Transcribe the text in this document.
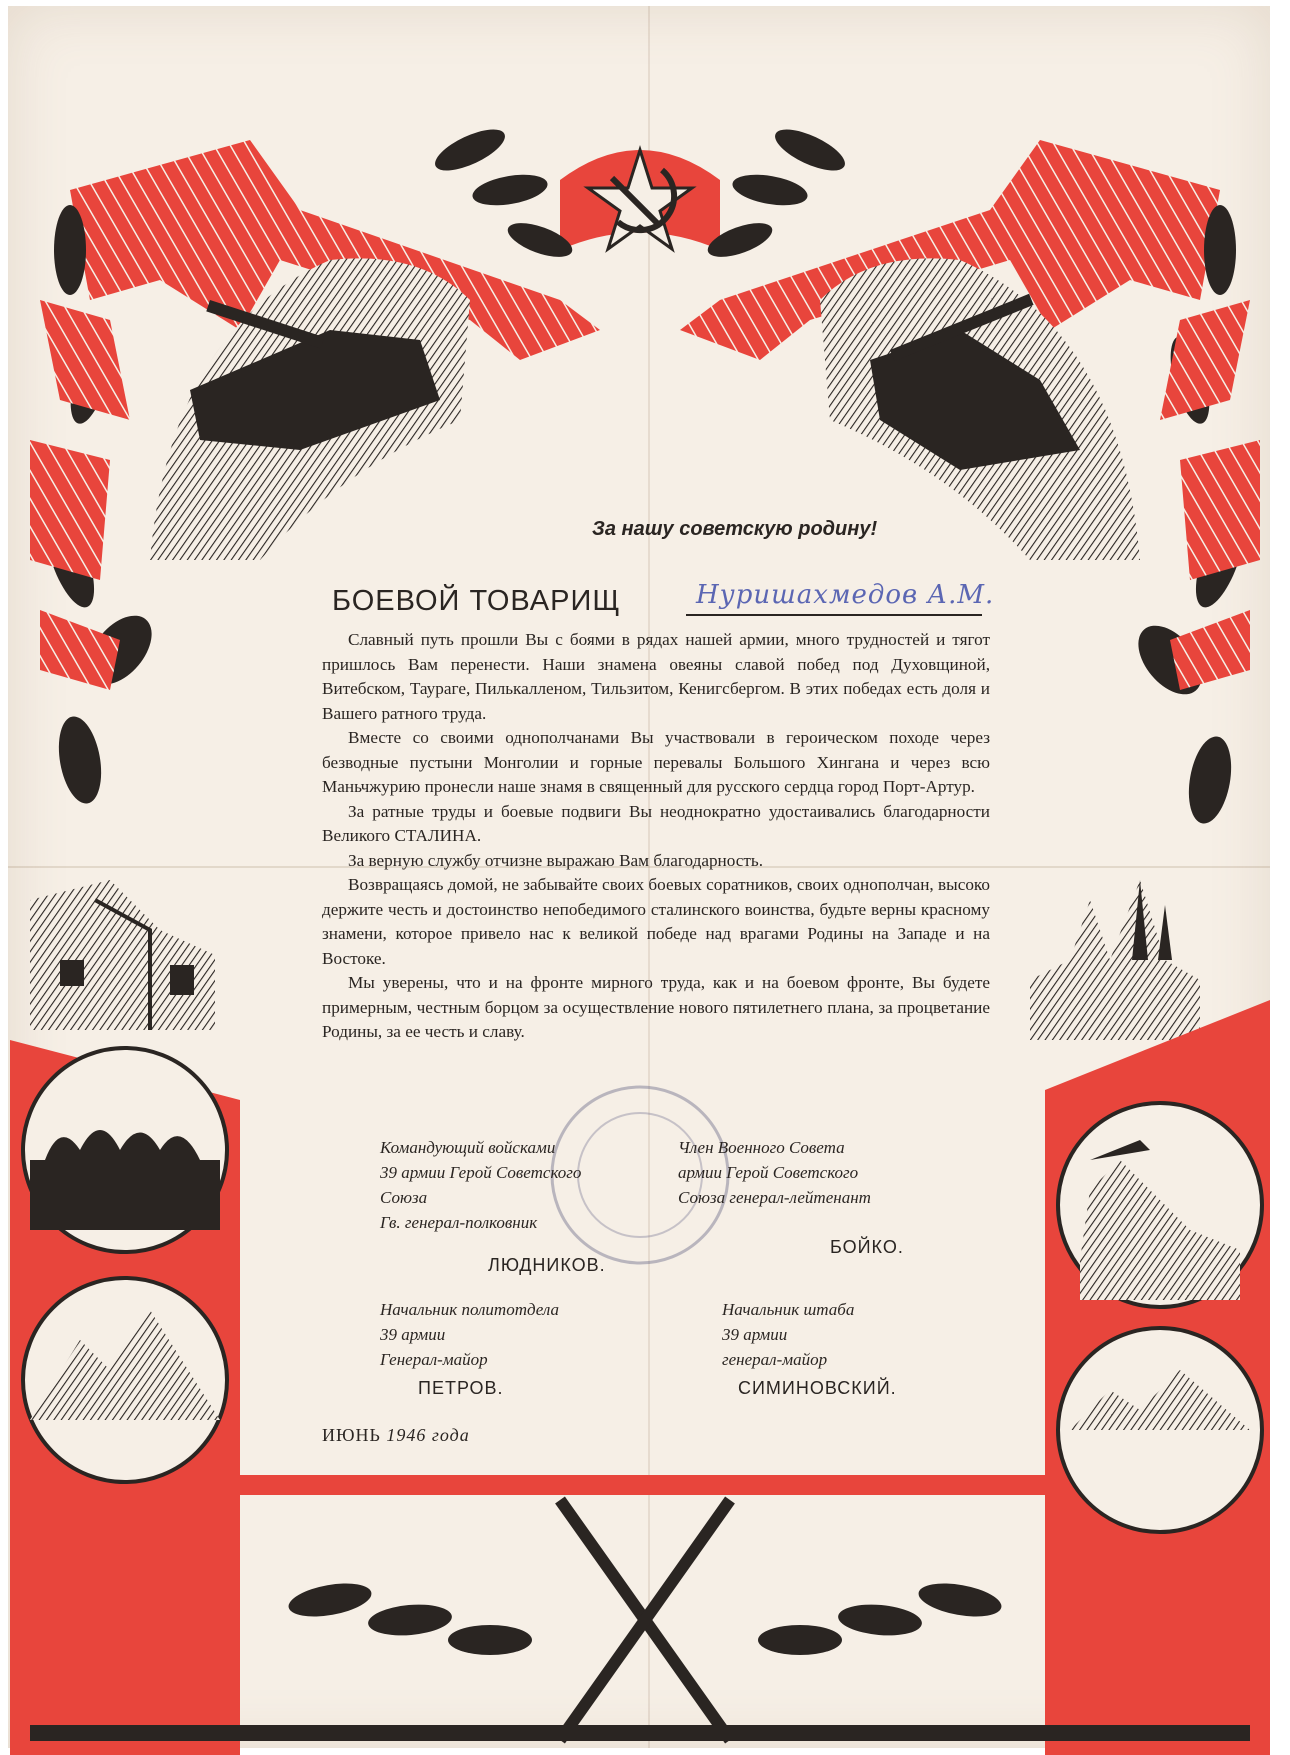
За нашу советскую родину!
БОЕВОЙ ТОВАРИЩ	Нуришахмедов А.М.

Славный путь прошли Вы с боями в рядах нашей армии, много трудностей и тягот пришлось Вам перенести. Наши знамена овеяны славой побед под Духовщиной, Витебском, Таураге, Пилькалленом, Тильзитом, Кенигсбергом. В этих победах есть доля и Вашего ратного труда.

Вместе со своими однополчанами Вы участвовали в героическом походе через безводные пустыни Монголии и горные перевалы Большого Хингана и через всю Маньчжурию пронесли наше знамя в священный для русского сердца город Порт-Артур.

За ратные труды и боевые подвиги Вы неоднократно удостаивались благодарности Великого СТАЛИНА.

За верную службу отчизне выражаю Вам благодарность.

Возвращаясь домой, не забывайте своих боевых соратников, своих однополчан, высоко держите честь и достоинство непобедимого сталинского воинства, будьте верны красному знамени, которое привело нас к великой победе над врагами Родины на Западе и на Востоке.

Мы уверены, что и на фронте мирного труда, как и на боевом фронте, Вы будете примерным, честным борцом за осуществление нового пятилетнего плана, за процветание Родины, за ее честь и славу.

Командующий войсками
39 армии Герой Советского
Союза
Гв. генерал-полковник
ЛЮДНИКОВ.
Член Военного Совета
армии Герой Советского
Союза генерал-лейтенант
БОЙКО.
Начальник политотдела
39 армии
Генерал-майор
ПЕТРОВ.
Начальник штаба
39 армии
генерал-майор
СИМИНОВСКИЙ.
ИЮНЬ 1946 года
